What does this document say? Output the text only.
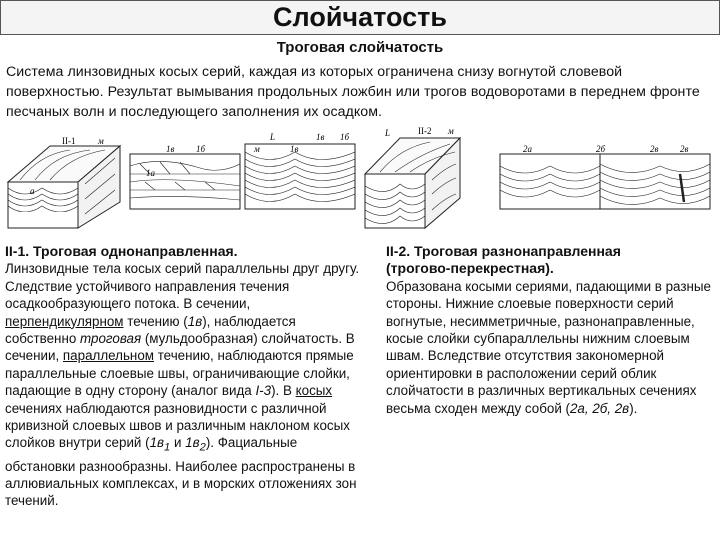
Слойчатость
Троговая слойчатость
Система линзовидных косых серий, каждая из которых ограничена снизу вогнутой словевой поверхностью. Результат вымывания продольных ложбин или трогов водоворотами в переднем фронте песчаных волн и последующего заполнения их осадком.
II-1	м
а
1в 1б
1a
L	1в 1б
1в
м
II-2
L	м
2а	2б	2в 2в

II-1. Троговая однонаправленная.

Линзовидные тела косых серий параллельны друг другу. Следствие устойчивого направления течения осадкообразующего потока. В сечении, перпендикулярном течению (1в), наблюдается собственно троговая (мульдообразная) слойчатость. В сечении, параллельном течению, наблюдаются прямые параллельные слоевые швы, ограничивающие слойки, падающие в одну сторону (аналог вида I-3). В косых сечениях наблюдаются разновидности с различной кривизной слоевых швов и различным наклоном косых слойков внутри серий ($1в_1$ и $1в_2$). Фациальные обстановки разнообразны. Наиболее распространены в аллювиальных комплексах, и в морских отложениях зон течений.

II-2. Троговая разнонаправленная

(трогово-перекрестная).

Образована косыми сериями, падающими в разные стороны. Нижние слоевые поверхности серий вогнутые, несимметричные, разнонаправленные, косые слойки субпараллельны нижним слоевым швам. Вследствие отсутствия закономерной ориентировки в расположении серий облик слойчатости в различных вертикальных сечениях весьма сходен между собой (2а, 2б, 2в).
